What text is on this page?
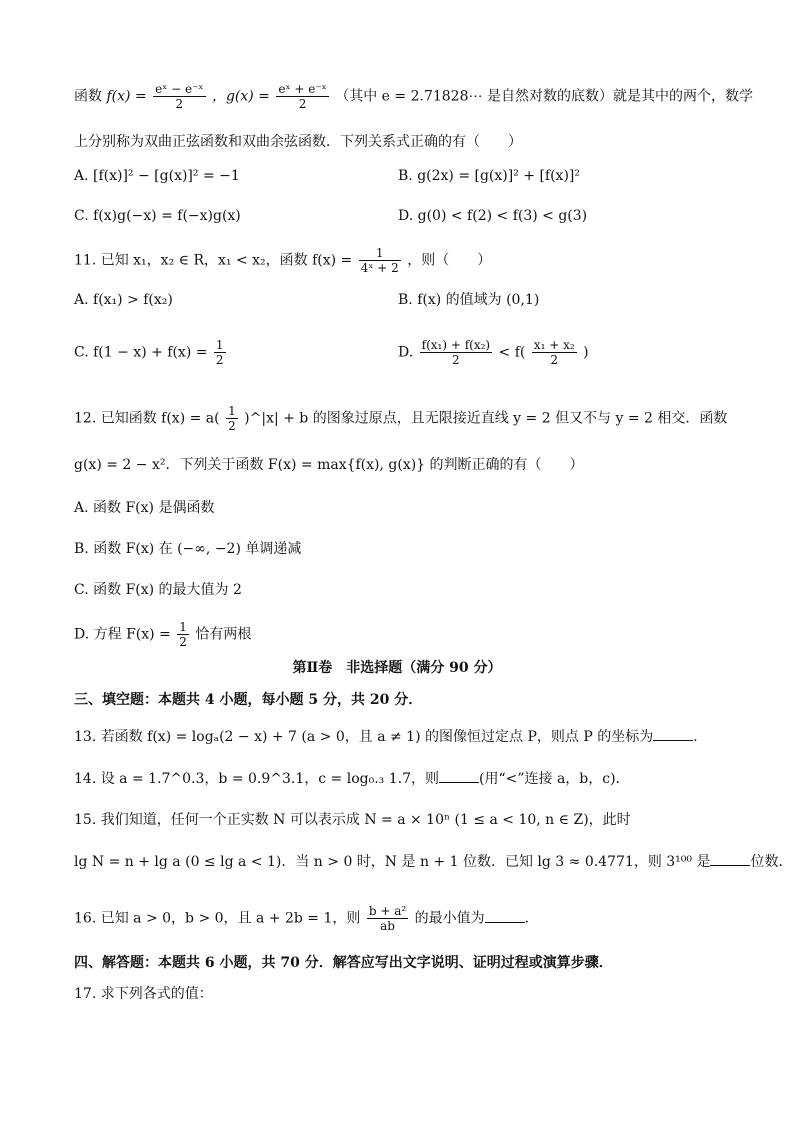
函数 $f(x) = \frac{\text{eˣ − e⁻ˣ}}{2}$ ，$g(x) = \frac{\text{eˣ + e⁻ˣ}}{2}$ （其中 e = 2.71828⋯ 是自然对数的底数）就是其中的两个，数学
上分别称为双曲正弦函数和双曲余弦函数．下列关系式正确的有（　　）
A. [f(x)]² − [g(x)]² = −1	B. g(2x) = [g(x)]² + [f(x)]²
C. f(x)g(−x) = f(−x)g(x)	D. g(0) < f(2) < f(3) < g(3)
11. 已知 x₁，x₂ ∈ R，x₁ < x₂，函数 $f(x) = \frac{1}{\text{4ˣ + 2}}$ ，则（　　）
A. f(x₁) > f(x₂)	B. f(x) 的值域为 (0,1)
C. $f(1 - x) + f(x) = \frac{1}{2}$	D. $\frac{\text{f(x₁) + f(x₂)}}{2} < f( \frac{\text{x₁ + x₂}}{2}$ )
12. 已知函数 $f(x) = a( \frac{1}{2}$ )^|x| + b 的图象过原点，且无限接近直线 y = 2 但又不与 y = 2 相交．函数
g(x) = 2 − x²．下列关于函数 F(x) = max{f(x), g(x)} 的判断正确的有（　　）
A. 函数 F(x) 是偶函数
B. 函数 F(x) 在 (−∞, −2) 单调递减
C. 函数 F(x) 的最大值为 2
D. 方程 $F(x) = \frac{1}{2}$ 恰有两根
第Ⅱ卷　非选择题（满分 90 分）
三、填空题：本题共 4 小题，每小题 5 分，共 20 分．
13. 若函数 f(x) = logₐ(2 − x) + 7 (a > 0，且 a ≠ 1) 的图像恒过定点 P，则点 P 的坐标为	．
14. 设 a = 1.7^0.3，b = 0.9^3.1，c = log₀.₃ 1.7，则	(用“<”连接 a，b，c)．
15. 我们知道，任何一个正实数 N 可以表示成 N = a × 10ⁿ (1 ≤ a < 10, n ∈ Z)，此时
lg N = n + lg a (0 ≤ lg a < 1)．当 n > 0 时，N 是 n + 1 位数．已知 lg 3 ≈ 0.4771，则 3¹⁰⁰ 是	位数．
16. 已知 a > 0，b > 0，且 a + 2b = 1，则 $\frac{\text{b + a²}}{ab}$ 的最小值为	．
四、解答题：本题共 6 小题，共 70 分．解答应写出文字说明、证明过程或演算步骤．
17. 求下列各式的值：
